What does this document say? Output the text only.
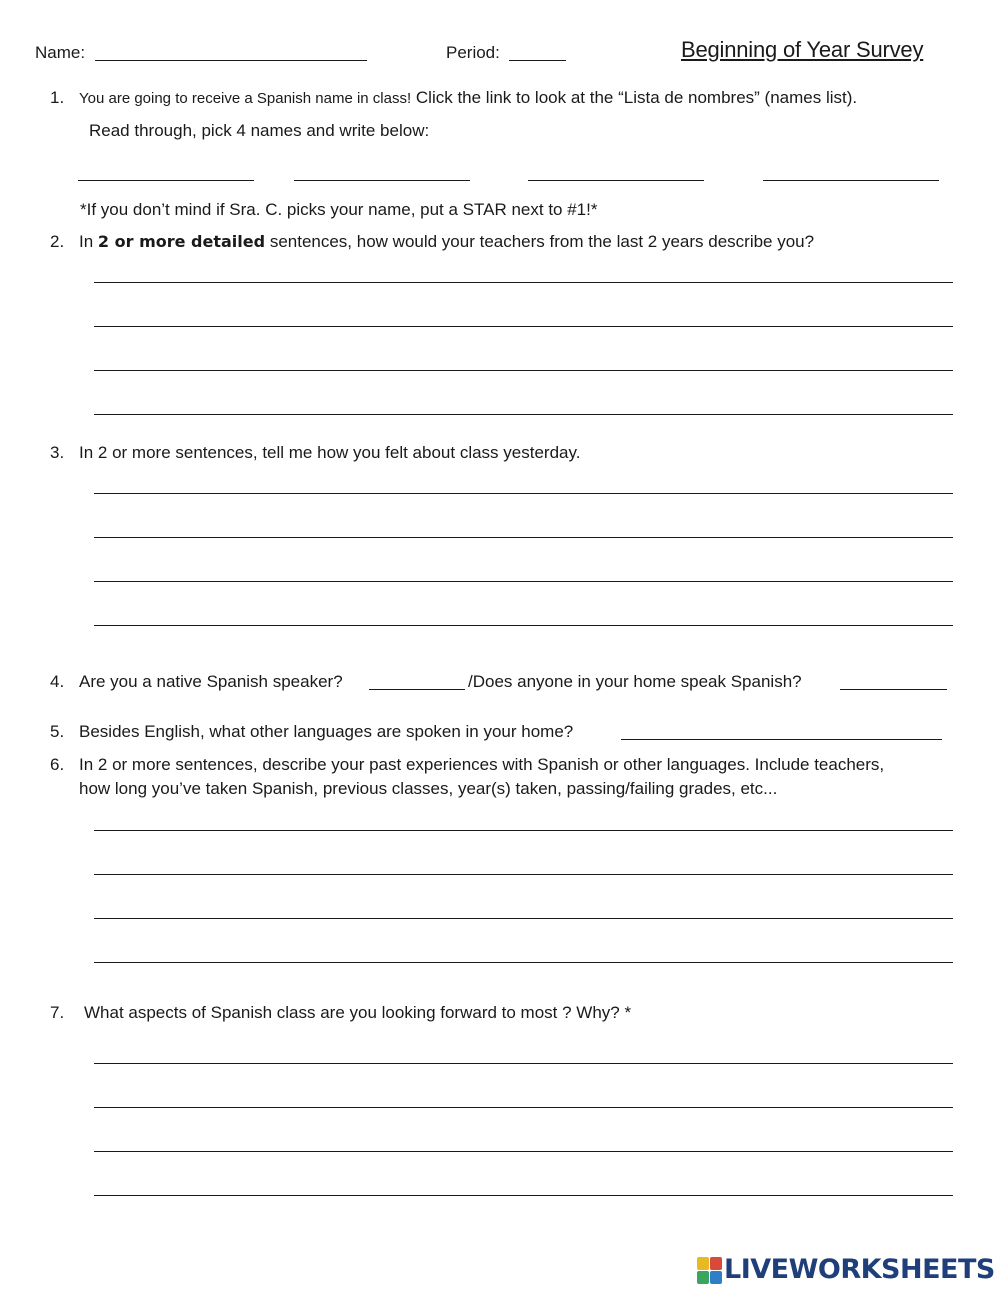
Name:	Period:	Beginning of Year Survey
1. You are going to receive a Spanish name in class! Click the link to look at the “Lista de nombres” (names list).
Read through, pick 4 names and write below:
*If you don’t mind if Sra. C. picks your name, put a STAR next to #1!*
2. In 2 or more detailed sentences, how would your teachers from the last 2 years describe you?
3. In 2 or more sentences, tell me how you felt about class yesterday.
4. Are you a native Spanish speaker?	/Does anyone in your home speak Spanish?
5. Besides English, what other languages are spoken in your home?
6. In 2 or more sentences, describe your past experiences with Spanish or other languages. Include teachers,
how long you’ve taken Spanish, previous classes, year(s) taken, passing/failing grades, etc...
7. What aspects of Spanish class are you looking forward to most ? Why? *
LIVEWORKSHEETS
